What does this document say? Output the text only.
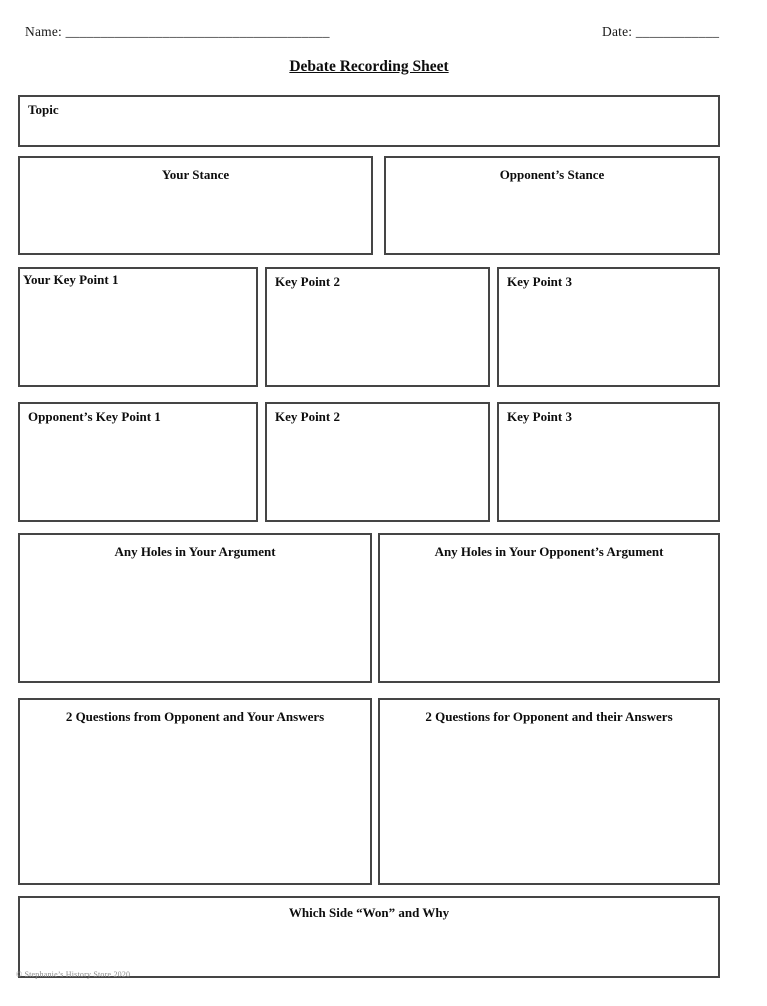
Name: ______________________________________	Date: ____________
Debate Recording Sheet
Topic
Your Stance	Opponent’s Stance
Your Key Point 1	Key Point 2	Key Point 3
Opponent’s Key Point 1	Key Point 2	Key Point 3
Any Holes in Your Argument	Any Holes in Your Opponent’s Argument
2 Questions from Opponent and Your Answers	2 Questions for Opponent and their Answers
Which Side “Won” and Why
© Stephanie’s History Store 2020
